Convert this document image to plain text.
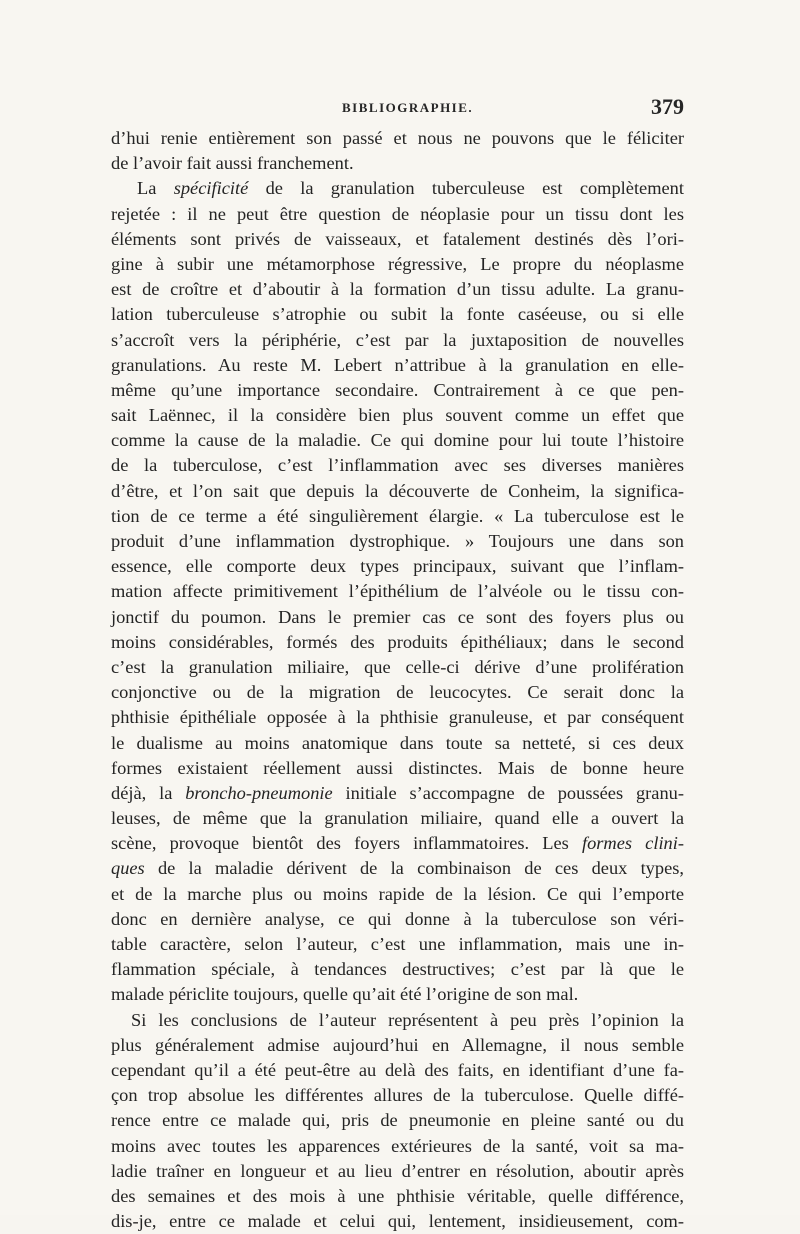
BIBLIOGRAPHIE.	379
d’hui renie entièrement son passé et nous ne pouvons que le féliciter
de l’avoir fait aussi franchement.
La spécificité de la granulation tuberculeuse est complètement
rejetée : il ne peut être question de néoplasie pour un tissu dont les
éléments sont privés de vaisseaux, et fatalement destinés dès l’ori-
gine à subir une métamorphose régressive, Le propre du néoplasme
est de croître et d’aboutir à la formation d’un tissu adulte. La granu-
lation tuberculeuse s’atrophie ou subit la fonte caséeuse, ou si elle
s’accroît vers la périphérie, c’est par la juxtaposition de nouvelles
granulations. Au reste M. Lebert n’attribue à la granulation en elle-
même qu’une importance secondaire. Contrairement à ce que pen-
sait Laënnec, il la considère bien plus souvent comme un effet que
comme la cause de la maladie. Ce qui domine pour lui toute l’histoire
de la tuberculose, c’est l’inflammation avec ses diverses manières
d’être, et l’on sait que depuis la découverte de Conheim, la significa-
tion de ce terme a été singulièrement élargie. « La tuberculose est le
produit d’une inflammation dystrophique. » Toujours une dans son
essence, elle comporte deux types principaux, suivant que l’inflam-
mation affecte primitivement l’épithélium de l’alvéole ou le tissu con-
jonctif du poumon. Dans le premier cas ce sont des foyers plus ou
moins considérables, formés des produits épithéliaux; dans le second
c’est la granulation miliaire, que celle-ci dérive d’une prolifération
conjonctive ou de la migration de leucocytes. Ce serait donc la
phthisie épithéliale opposée à la phthisie granuleuse, et par conséquent
le dualisme au moins anatomique dans toute sa netteté, si ces deux
formes existaient réellement aussi distinctes. Mais de bonne heure
déjà, la broncho-pneumonie initiale s’accompagne de poussées granu-
leuses, de même que la granulation miliaire, quand elle a ouvert la
scène, provoque bientôt des foyers inflammatoires. Les formes clini-
ques de la maladie dérivent de la combinaison de ces deux types,
et de la marche plus ou moins rapide de la lésion. Ce qui l’emporte
donc en dernière analyse, ce qui donne à la tuberculose son véri-
table caractère, selon l’auteur, c’est une inflammation, mais une in-
flammation spéciale, à tendances destructives; c’est par là que le
malade périclite toujours, quelle qu’ait été l’origine de son mal.
Si les conclusions de l’auteur représentent à peu près l’opinion la
plus généralement admise aujourd’hui en Allemagne, il nous semble
cependant qu’il a été peut-être au delà des faits, en identifiant d’une fa-
çon trop absolue les différentes allures de la tuberculose. Quelle diffé-
rence entre ce malade qui, pris de pneumonie en pleine santé ou du
moins avec toutes les apparences extérieures de la santé, voit sa ma-
ladie traîner en longueur et au lieu d’entrer en résolution, aboutir après
des semaines et des mois à une phthisie véritable, quelle différence,
dis-je, entre ce malade et celui qui, lentement, insidieusement, com-
